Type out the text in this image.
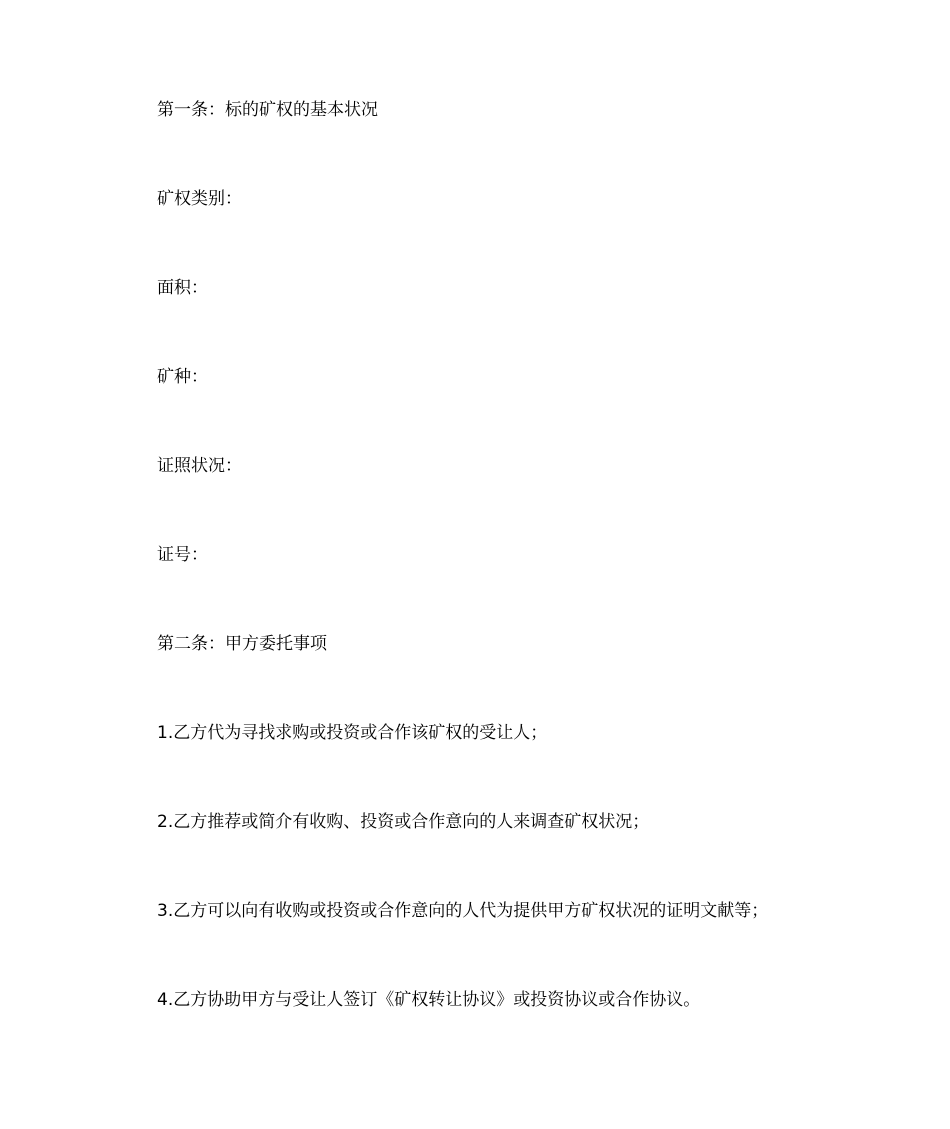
第一条：标的矿权的基本状况

矿权类别：

面积：

矿种：

证照状况：

证号：

第二条：甲方委托事项

1.乙方代为寻找求购或投资或合作该矿权的受让人；

2.乙方推荐或简介有收购、投资或合作意向的人来调查矿权状况；

3.乙方可以向有收购或投资或合作意向的人代为提供甲方矿权状况的证明文献等；

4.乙方协助甲方与受让人签订《矿权转让协议》或投资协议或合作协议。
